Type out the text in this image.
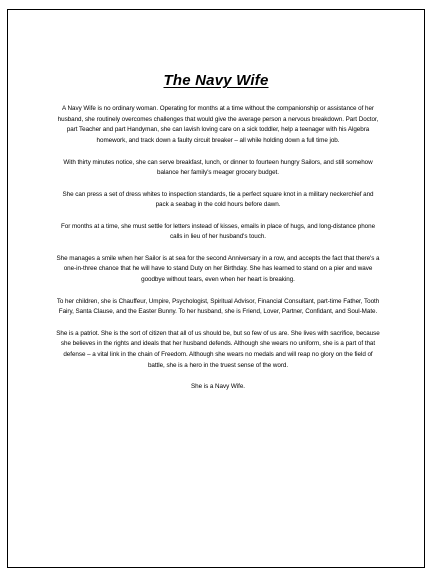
The Navy Wife

A Navy Wife is no ordinary woman. Operating for months at a time without the companionship or assistance of her husband, she routinely overcomes challenges that would give the average person a nervous breakdown. Part Doctor, part Teacher and part Handyman, she can lavish loving care on a sick toddler, help a teenager with his Algebra homework, and track down a faulty circuit breaker – all while holding down a full time job.

With thirty minutes notice, she can serve breakfast, lunch, or dinner to fourteen hungry Sailors, and still somehow balance her family's meager grocery budget.

She can press a set of dress whites to inspection standards, tie a perfect square knot in a military neckerchief and pack a seabag in the cold hours before dawn.

For months at a time, she must settle for letters instead of kisses, emails in place of hugs, and long-distance phone calls in lieu of her husband's touch.

She manages a smile when her Sailor is at sea for the second Anniversary in a row, and accepts the fact that there's a one-in-three chance that he will have to stand Duty on her Birthday. She has learned to stand on a pier and wave goodbye without tears, even when her heart is breaking.

To her children, she is Chauffeur, Umpire, Psychologist, Spiritual Advisor, Financial Consultant, part-time Father, Tooth Fairy, Santa Clause, and the Easter Bunny. To her husband, she is Friend, Lover, Partner, Confidant, and Soul-Mate.

She is a patriot. She is the sort of citizen that all of us should be, but so few of us are. She lives with sacrifice, because she believes in the rights and ideals that her husband defends. Although she wears no uniform, she is a part of that defense – a vital link in the chain of Freedom. Although she wears no medals and will reap no glory on the field of battle, she is a hero in the truest sense of the word.

She is a Navy Wife.
